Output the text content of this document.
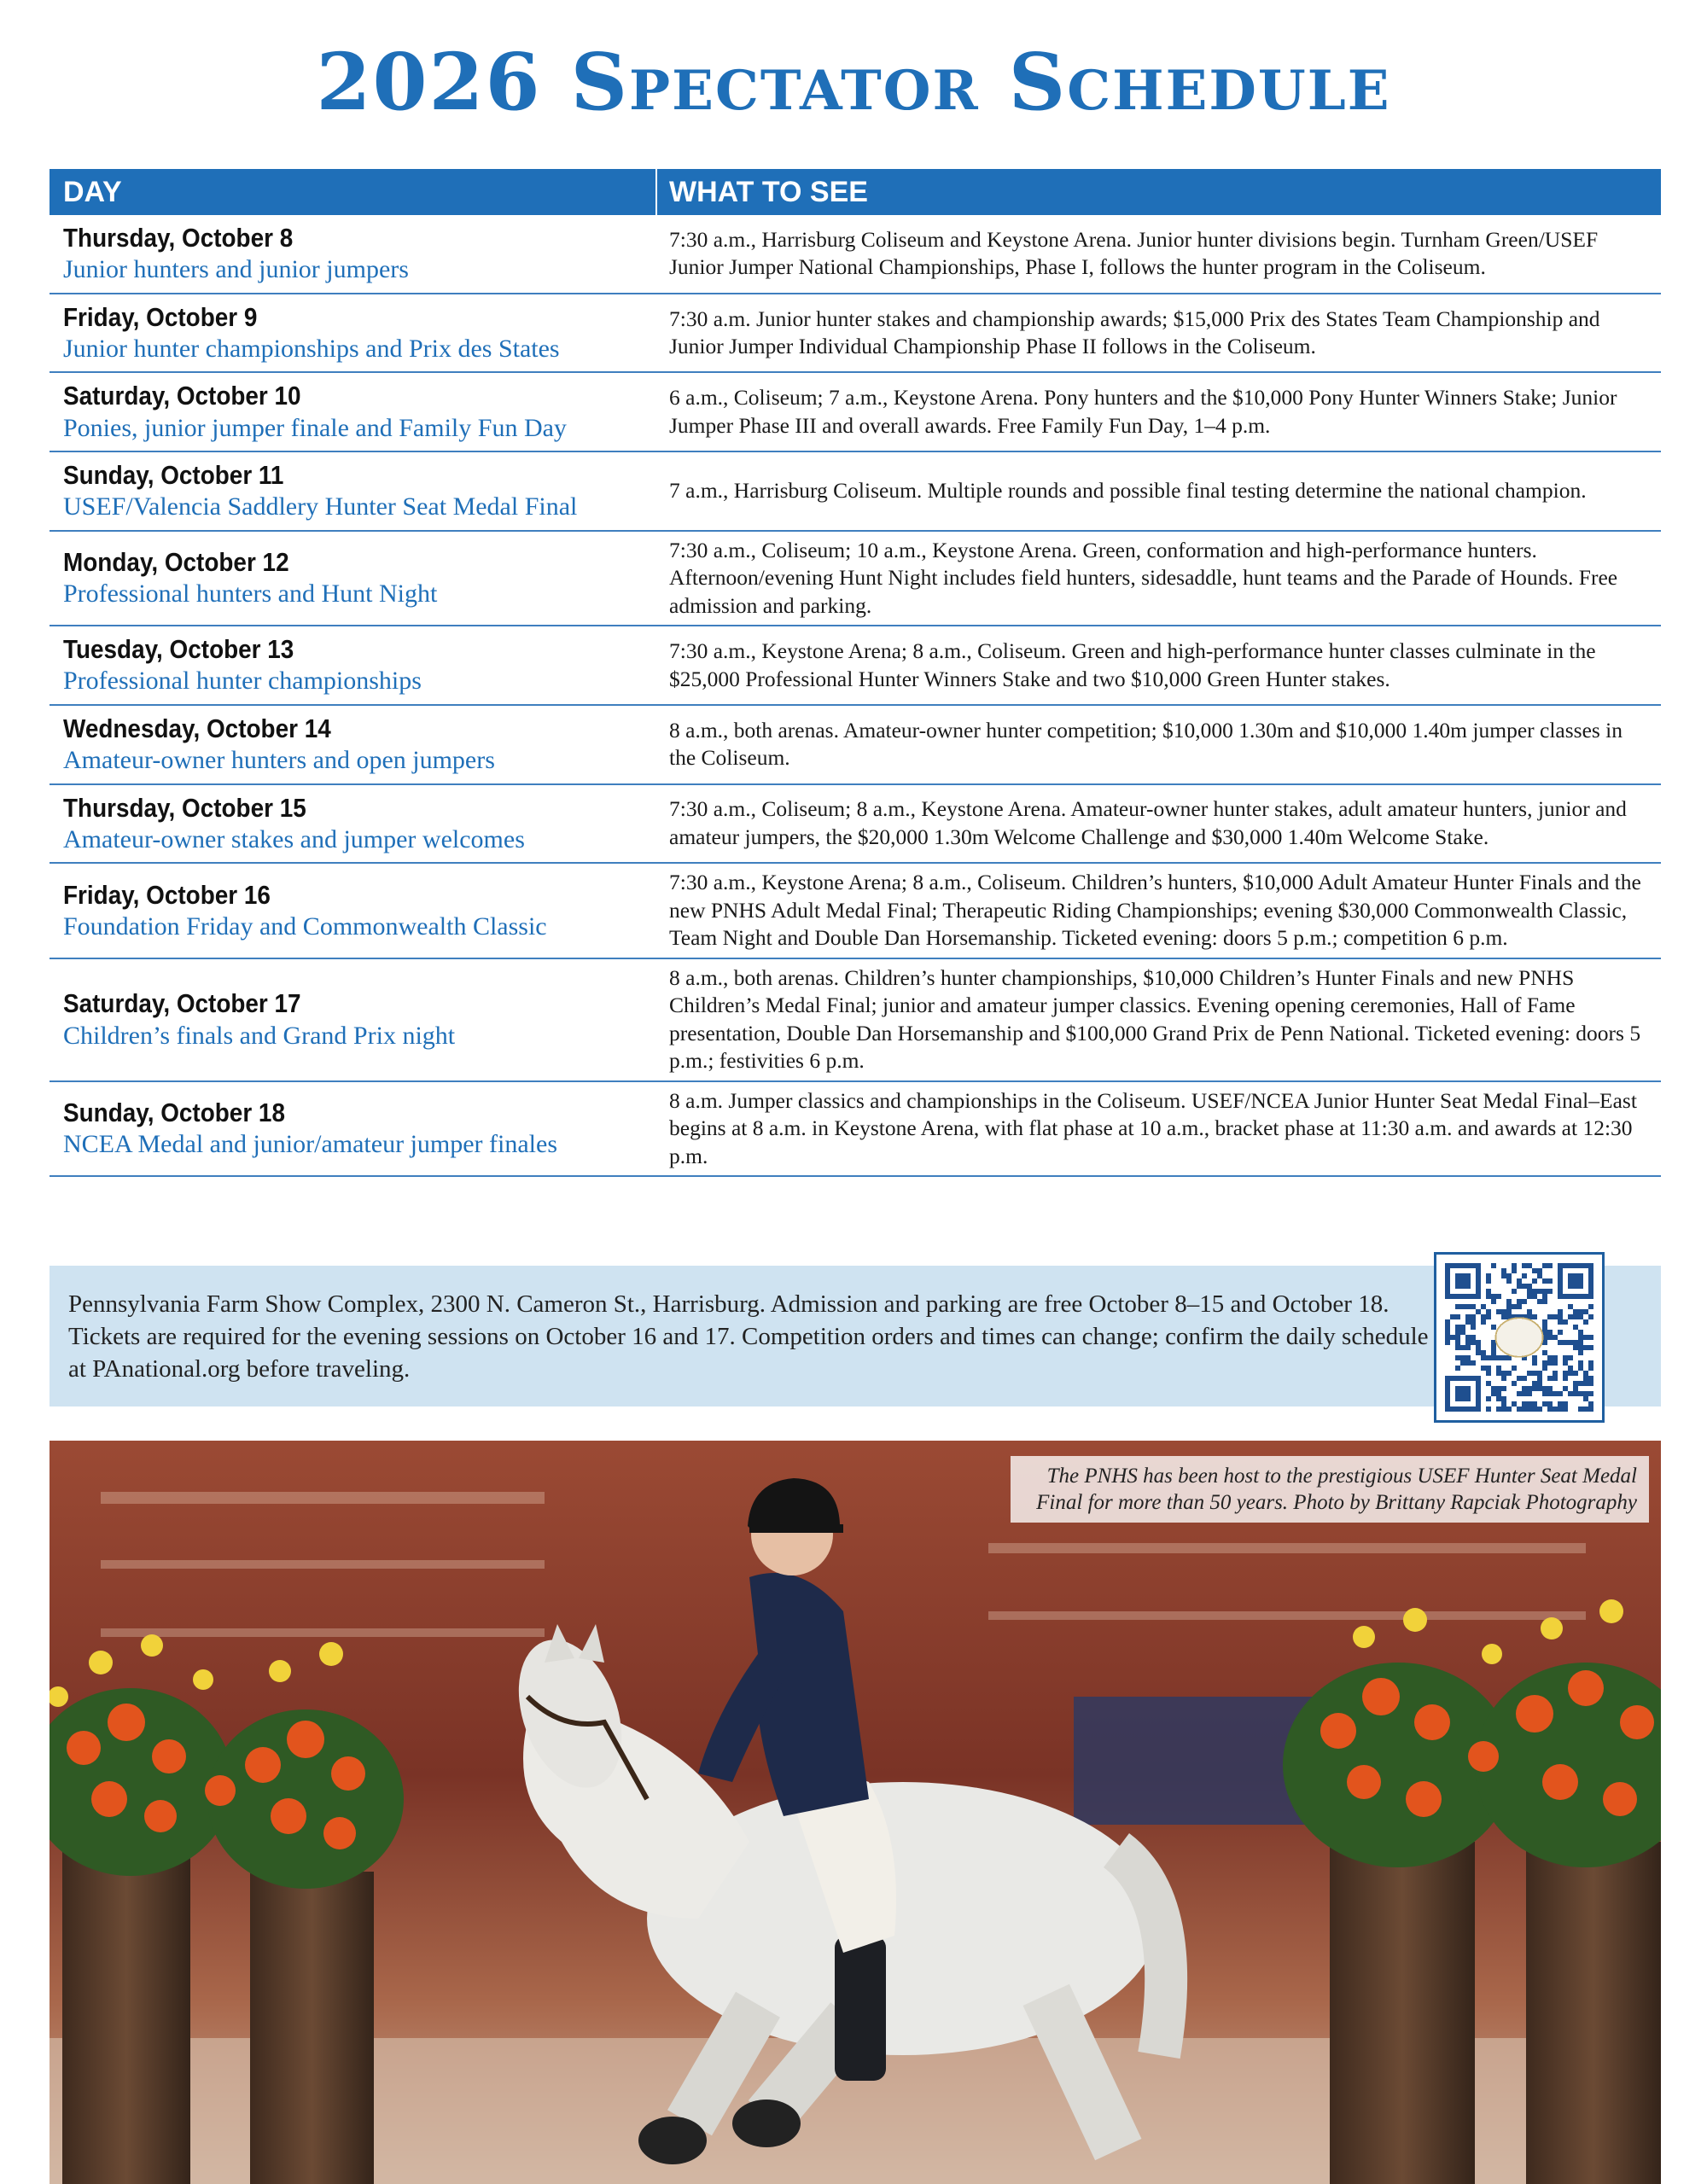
2026 Spectator Schedule
DAY	WHAT TO SEE
Thursday, October 8
Junior hunters and junior jumpers
7:30 a.m., Harrisburg Coliseum and Keystone Arena. Junior hunter divisions begin. Turnham Green/USEF Junior Jumper National Championships, Phase I, follows the hunter program in the Coliseum.
Friday, October 9
Junior hunter championships and Prix des States
7:30 a.m. Junior hunter stakes and championship awards; $15,000 Prix des States Team Championship and Junior Jumper Individual Championship Phase II follows in the Coliseum.
Saturday, October 10
Ponies, junior jumper finale and Family Fun Day
6 a.m., Coliseum; 7 a.m., Keystone Arena. Pony hunters and the $10,000 Pony Hunter Winners Stake; Junior Jumper Phase III and overall awards. Free Family Fun Day, 1–4 p.m.
Sunday, October 11
USEF/Valencia Saddlery Hunter Seat Medal Final
7 a.m., Harrisburg Coliseum. Multiple rounds and possible final testing determine the national champion.
Monday, October 12
Professional hunters and Hunt Night
7:30 a.m., Coliseum; 10 a.m., Keystone Arena. Green, conformation and high-performance hunters. Afternoon/evening Hunt Night includes field hunters, sidesaddle, hunt teams and the Parade of Hounds. Free admission and parking.
Tuesday, October 13
Professional hunter championships
7:30 a.m., Keystone Arena; 8 a.m., Coliseum. Green and high-performance hunter classes culminate in the $25,000 Professional Hunter Winners Stake and two $10,000 Green Hunter stakes.
Wednesday, October 14
Amateur-owner hunters and open jumpers
8 a.m., both arenas. Amateur-owner hunter competition; $10,000 1.30m and $10,000 1.40m jumper classes in the Coliseum.
Thursday, October 15
Amateur-owner stakes and jumper welcomes
7:30 a.m., Coliseum; 8 a.m., Keystone Arena. Amateur-owner hunter stakes, adult amateur hunters, junior and amateur jumpers, the $20,000 1.30m Welcome Challenge and $30,000 1.40m Welcome Stake.
Friday, October 16
Foundation Friday and Commonwealth Classic
7:30 a.m., Keystone Arena; 8 a.m., Coliseum. Children’s hunters, $10,000 Adult Amateur Hunter Finals and the new PNHS Adult Medal Final; Therapeutic Riding Championships; evening $30,000 Commonwealth Classic, Team Night and Double Dan Horsemanship. Ticketed evening: doors 5 p.m.; competition 6 p.m.
Saturday, October 17
Children’s finals and Grand Prix night
8 a.m., both arenas. Children’s hunter championships, $10,000 Children’s Hunter Finals and new PNHS Children’s Medal Final; junior and amateur jumper classics. Evening opening ceremonies, Hall of Fame presentation, Double Dan Horsemanship and $100,000 Grand Prix de Penn National. Ticketed evening: doors 5 p.m.; festivities 6 p.m.
Sunday, October 18
NCEA Medal and junior/amateur jumper finales
8 a.m. Jumper classics and championships in the Coliseum. USEF/NCEA Junior Hunter Seat Medal Final–East begins at 8 a.m. in Keystone Arena, with flat phase at 10 a.m., bracket phase at 11:30 a.m. and awards at 12:30 p.m.
Pennsylvania Farm Show Complex, 2300 N. Cameron St., Harrisburg. Admission and parking are free October 8–15 and October 18. Tickets are required for the evening sessions on October 16 and 17. Competition orders and times can change; confirm the daily schedule at PAnational.org before traveling.
The PNHS has been host to the prestigious USEF Hunter Seat Medal Final for more than 50 years. Photo by Brittany Rapciak Photography
